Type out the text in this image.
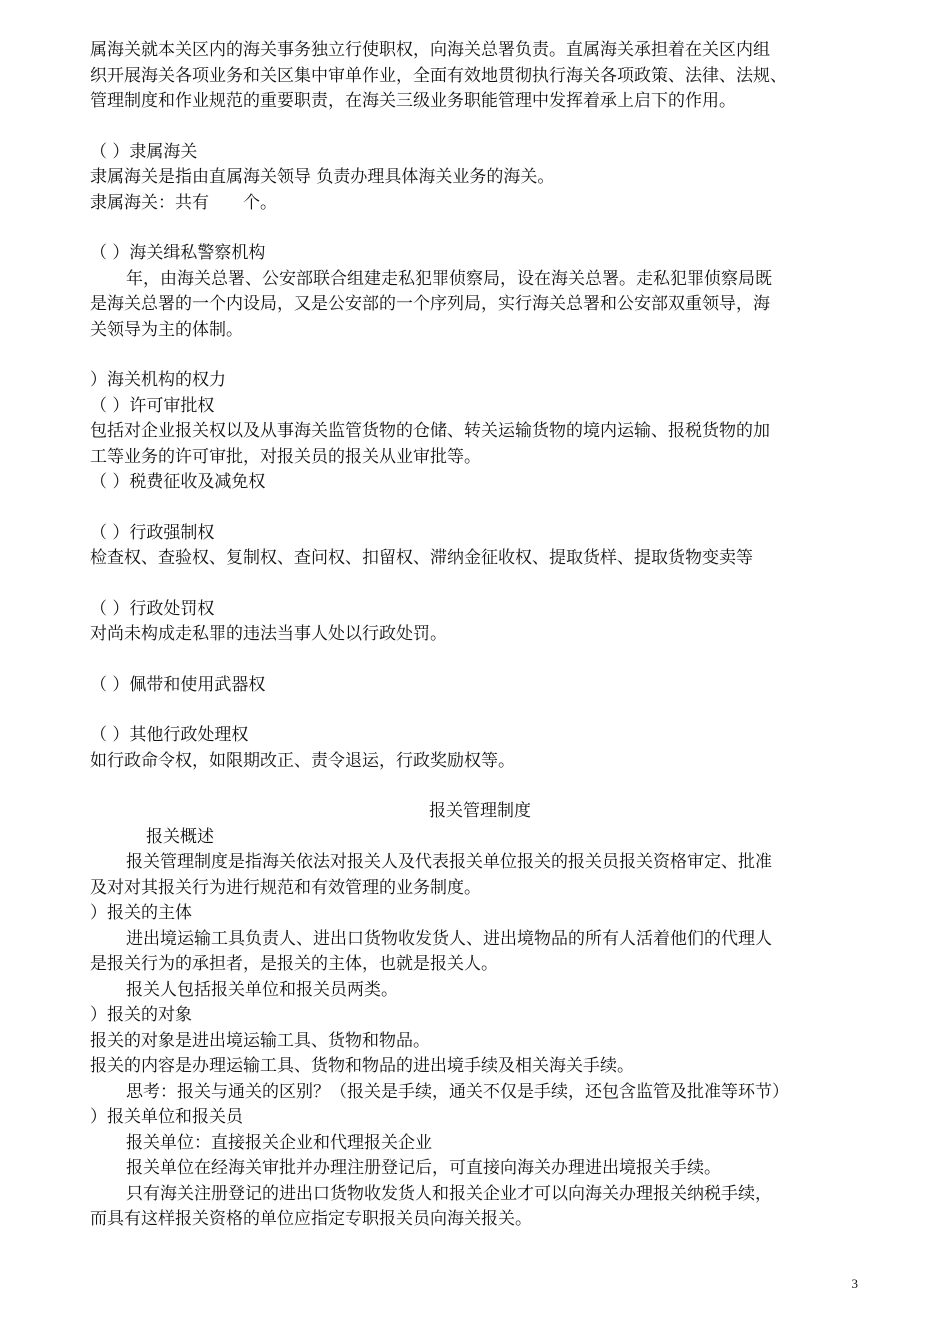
属海关就本关区内的海关事务独立行使职权，向海关总署负责。直属海关承担着在关区内组
织开展海关各项业务和关区集中审单作业，全面有效地贯彻执行海关各项政策、法律、法规、
管理制度和作业规范的重要职责，在海关三级业务职能管理中发挥着承上启下的作用。
（ ）隶属海关
隶属海关是指由直属海关领导 负责办理具体海关业务的海关。
隶属海关：共有　　个。
（ ）海关缉私警察机构
年，由海关总署、公安部联合组建走私犯罪侦察局，设在海关总署。走私犯罪侦察局既
是海关总署的一个内设局，又是公安部的一个序列局，实行海关总署和公安部双重领导，海
关领导为主的体制。
）海关机构的权力
（ ）许可审批权
包括对企业报关权以及从事海关监管货物的仓储、转关运输货物的境内运输、报税货物的加
工等业务的许可审批，对报关员的报关从业审批等。
（ ）税费征收及减免权
（ ）行政强制权
检查权、查验权、复制权、查问权、扣留权、滞纳金征收权、提取货样、提取货物变卖等
（ ）行政处罚权
对尚未构成走私罪的违法当事人处以行政处罚。
（ ）佩带和使用武器权
（ ）其他行政处理权
如行政命令权，如限期改正、责令退运，行政奖励权等。
报关管理制度
报关概述
报关管理制度是指海关依法对报关人及代表报关单位报关的报关员报关资格审定、批准
及对对其报关行为进行规范和有效管理的业务制度。
）报关的主体
进出境运输工具负责人、进出口货物收发货人、进出境物品的所有人活着他们的代理人
是报关行为的承担者，是报关的主体，也就是报关人。
报关人包括报关单位和报关员两类。
）报关的对象
报关的对象是进出境运输工具、货物和物品。
报关的内容是办理运输工具、货物和物品的进出境手续及相关海关手续。
思考：报关与通关的区别？（报关是手续，通关不仅是手续，还包含监管及批准等环节）
）报关单位和报关员
报关单位：直接报关企业和代理报关企业
报关单位在经海关审批并办理注册登记后，可直接向海关办理进出境报关手续。
只有海关注册登记的进出口货物收发货人和报关企业才可以向海关办理报关纳税手续，
而具有这样报关资格的单位应指定专职报关员向海关报关。
3
